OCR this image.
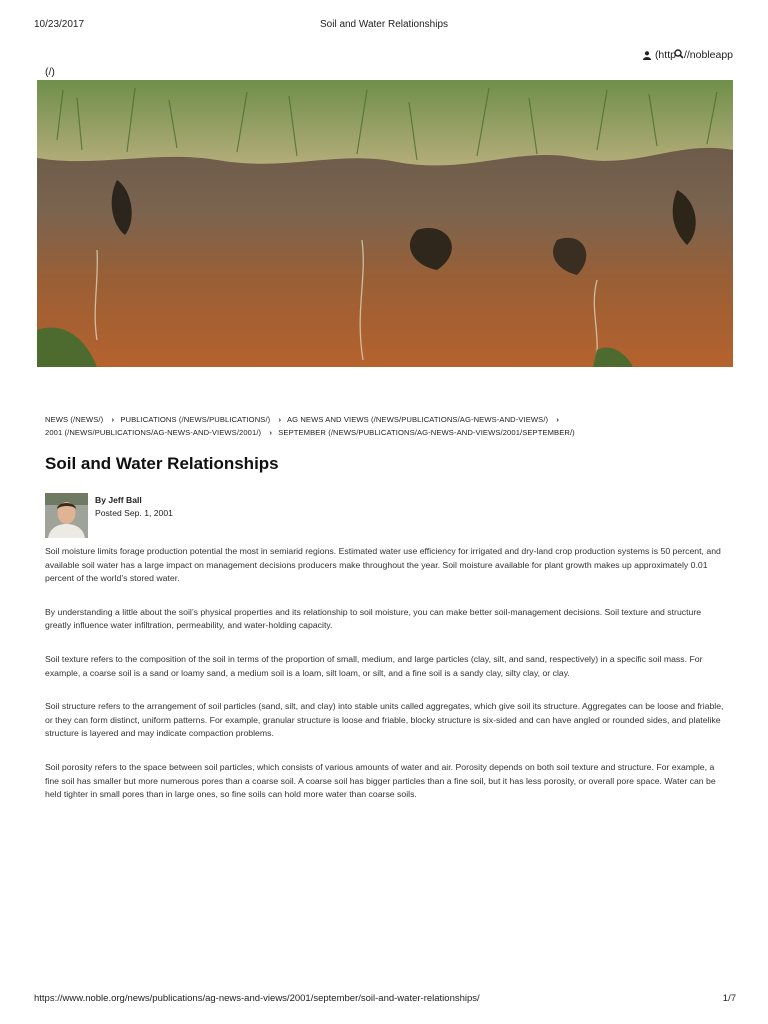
10/23/2017	Soil and Water Relationships
(http //nobleapp
(/)
NEWS (/NEWS/) › PUBLICATIONS (/NEWS/PUBLICATIONS/) › AG NEWS AND VIEWS (/NEWS/PUBLICATIONS/AG-NEWS-AND-VIEWS/) ›
2001 (/NEWS/PUBLICATIONS/AG-NEWS-AND-VIEWS/2001/) › SEPTEMBER (/NEWS/PUBLICATIONS/AG-NEWS-AND-VIEWS/2001/SEPTEMBER/)
Soil and Water Relationships
By Jeff Ball
Posted Sep. 1, 2001

Soil moisture limits forage production potential the most in semiarid regions. Estimated water use efficiency for irrigated and dry-land crop production systems is 50 percent, and available soil water has a large impact on management decisions producers make throughout the year. Soil moisture available for plant growth makes up approximately 0.01 percent of the world’s stored water.

By understanding a little about the soil’s physical properties and its relationship to soil moisture, you can make better soil-management decisions. Soil texture and structure greatly influence water infiltration, permeability, and water-holding capacity.

Soil texture refers to the composition of the soil in terms of the proportion of small, medium, and large particles (clay, silt, and sand, respectively) in a specific soil mass. For example, a coarse soil is a sand or loamy sand, a medium soil is a loam, silt loam, or silt, and a fine soil is a sandy clay, silty clay, or clay.

Soil structure refers to the arrangement of soil particles (sand, silt, and clay) into stable units called aggregates, which give soil its structure. Aggregates can be loose and friable, or they can form distinct, uniform patterns. For example, granular structure is loose and friable, blocky structure is six-sided and can have angled or rounded sides, and platelike structure is layered and may indicate compaction problems.

Soil porosity refers to the space between soil particles, which consists of various amounts of water and air. Porosity depends on both soil texture and structure. For example, a fine soil has smaller but more numerous pores than a coarse soil. A coarse soil has bigger particles than a fine soil, but it has less porosity, or overall pore space. Water can be held tighter in small pores than in large ones, so fine soils can hold more water than coarse soils.

https://www.noble.org/news/publications/ag-news-and-views/2001/september/soil-and-water-relationships/	1/7
